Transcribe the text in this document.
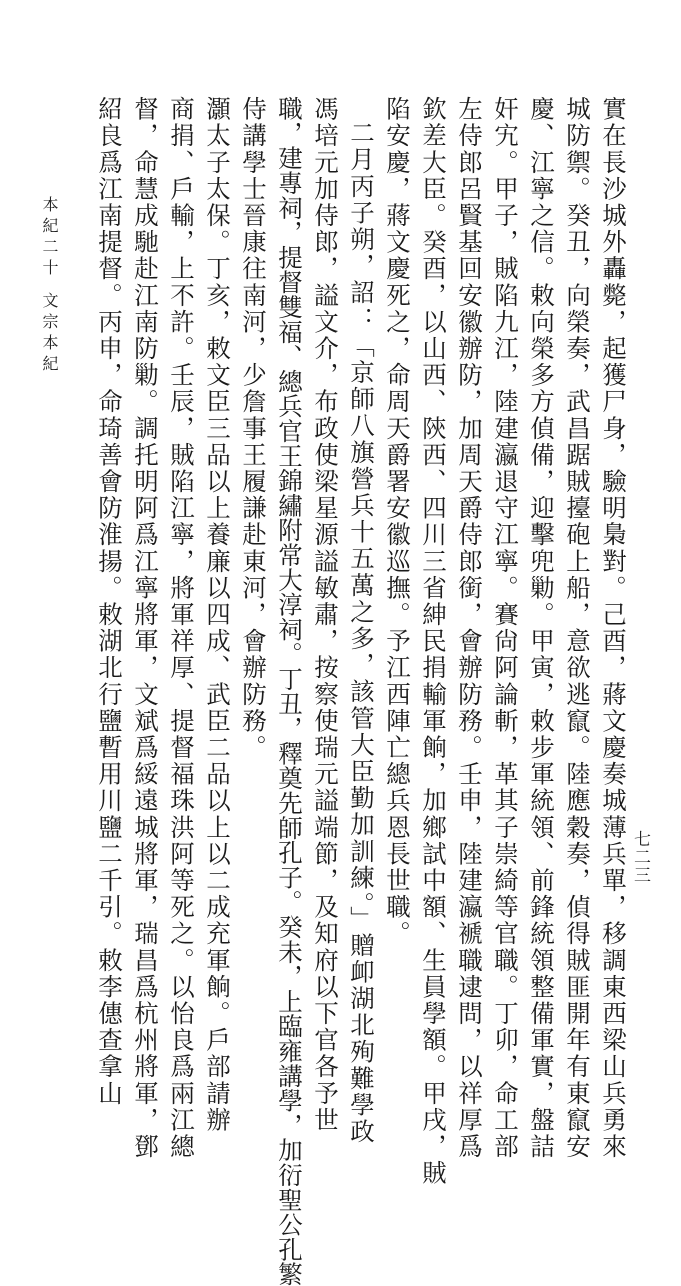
實在長沙城外轟斃，起獲尸身，驗明梟對。己酉，蔣文慶奏城薄兵單，移調東西梁山兵勇來
城防禦。癸丑，向榮奏，武昌踞賊擡砲上船，意欲逃竄。陸應穀奏，偵得賊匪開年有東竄安
慶、江寧之信。敕向榮多方偵備，迎擊兜勦。甲寅，敕步軍統領、前鋒統領整備軍實，盤詰
奸宄。甲子，賊陷九江，陸建瀛退守江寧。賽尙阿論斬，革其子崇綺等官職。丁卯，命工部
左侍郎呂賢基回安徽辦防，加周天爵侍郎銜，會辦防務。壬申，陸建瀛褫職逮問，以祥厚爲
欽差大臣。癸酉，以山西、陝西、四川三省紳民捐輸軍餉，加鄉試中額、生員學額。甲戌，賊
陷安慶，蔣文慶死之，命周天爵署安徽巡撫。予江西陣亡總兵恩長世職。
二月丙子朔，詔：「京師八旗營兵十五萬之多，該管大臣勤加訓練。」贈卹湖北殉難學政
馮培元加侍郎，謚文介，布政使梁星源謚敏肅，按察使瑞元謚端節，及知府以下官各予世
職，建專祠，提督雙福、總兵官王錦繡附常大淳祠。丁丑，釋奠先師孔子。癸未，上臨雍講學，加衍聖公孔繁
侍講學士晉康往南河，少詹事王履謙赴東河，會辦防務。
灝太子太保。丁亥，敕文臣三品以上養廉以四成、武臣二品以上以二成充軍餉。戶部請辦
商捐、戶輸，上不許。壬辰，賊陷江寧，將軍祥厚、提督福珠洪阿等死之。以怡良爲兩江總
督，命慧成馳赴江南防勦。調托明阿爲江寧將軍，文斌爲綏遠城將軍，瑞昌爲杭州將軍，鄧
紹良爲江南提督。丙申，命琦善會防淮揚。敕湖北行鹽暫用川鹽二千引。敕李僡查拿山
本紀二十
文宗本紀
七二三
